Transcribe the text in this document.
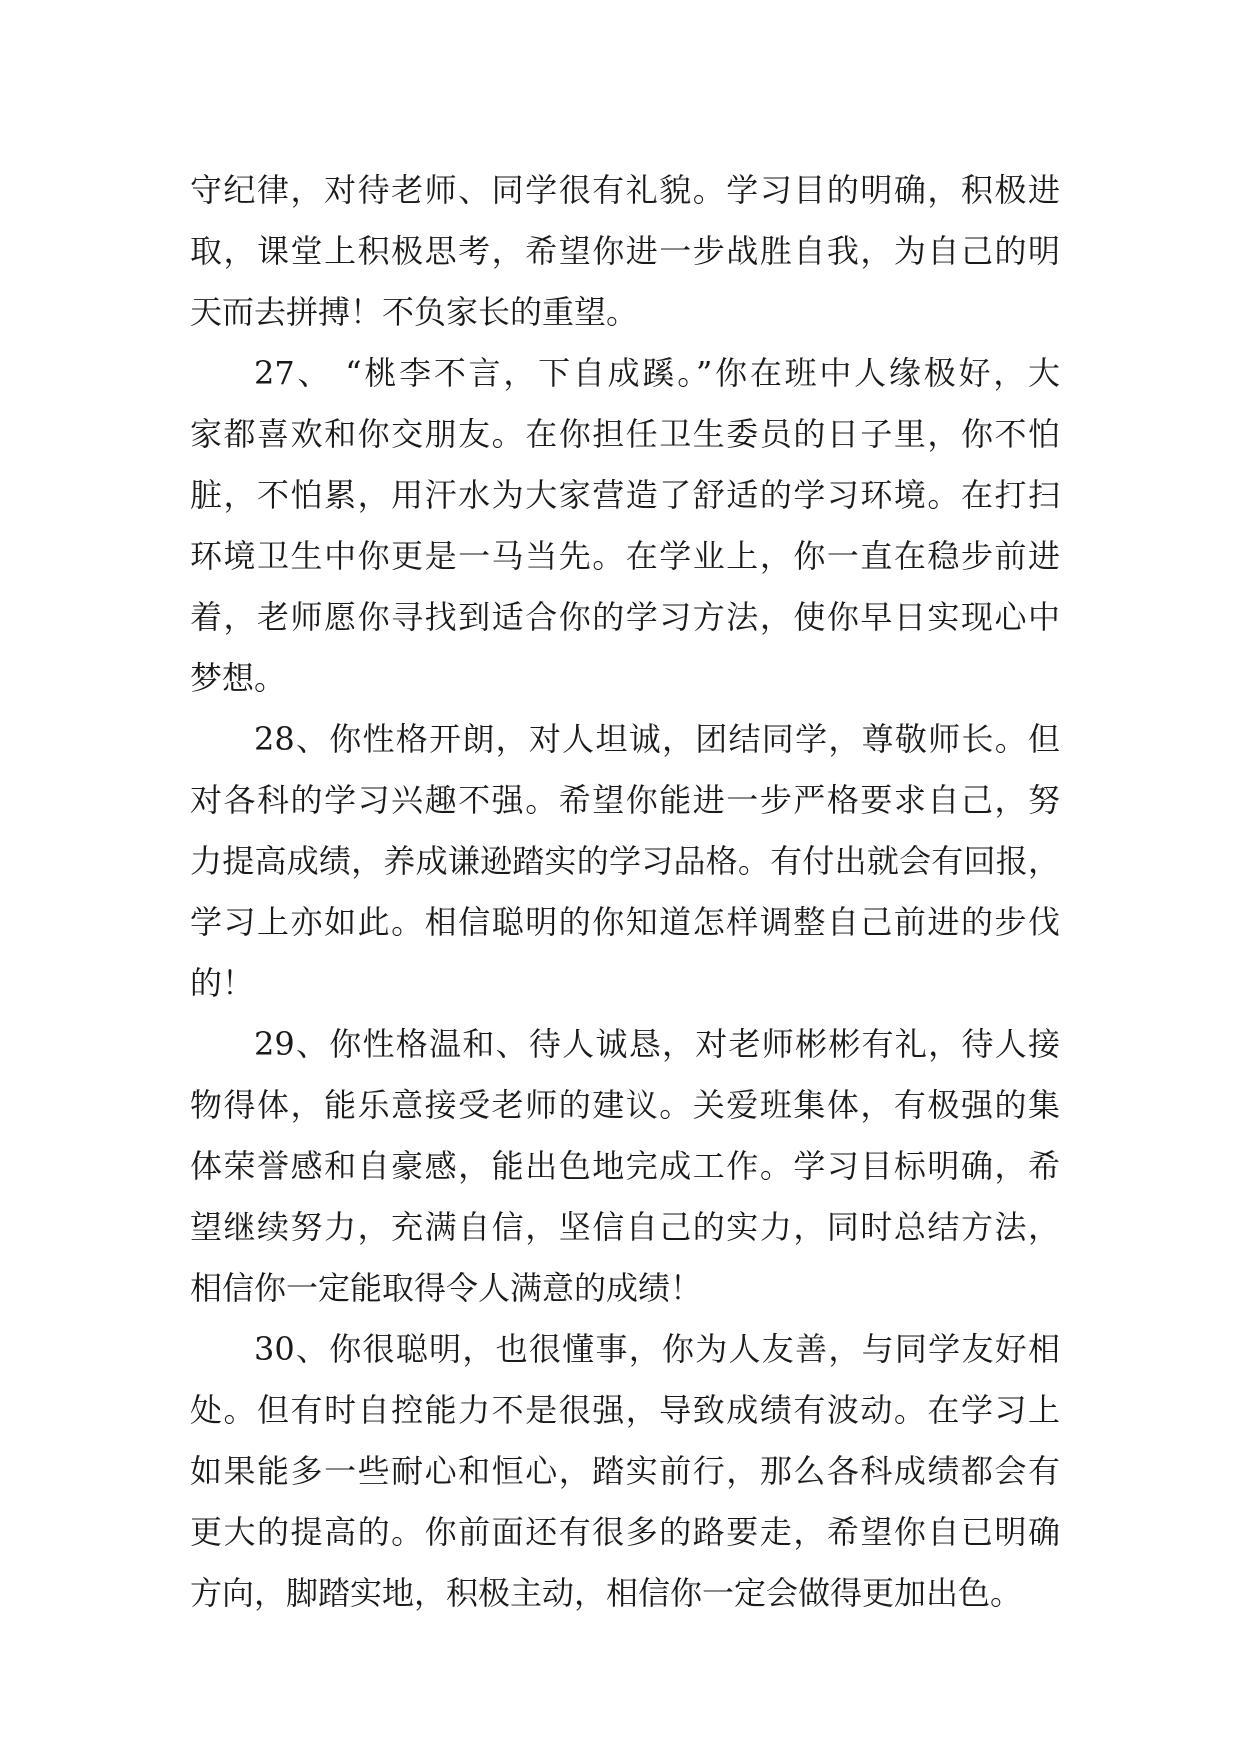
守纪律，对待老师、同学很有礼貌。学习目的明确，积极进
取，课堂上积极思考，希望你进一步战胜自我，为自己的明
天而去拼搏！不负家长的重望。
27、 “桃李不言，下自成蹊。”你在班中人缘极好，大
家都喜欢和你交朋友。在你担任卫生委员的日子里，你不怕
脏，不怕累，用汗水为大家营造了舒适的学习环境。在打扫
环境卫生中你更是一马当先。在学业上，你一直在稳步前进
着，老师愿你寻找到适合你的学习方法，使你早日实现心中
梦想。
28、你性格开朗，对人坦诚，团结同学，尊敬师长。但
对各科的学习兴趣不强。希望你能进一步严格要求自己，努
力提高成绩，养成谦逊踏实的学习品格。有付出就会有回报，
学习上亦如此。相信聪明的你知道怎样调整自己前进的步伐
的！
29、你性格温和、待人诚恳，对老师彬彬有礼，待人接
物得体，能乐意接受老师的建议。关爱班集体，有极强的集
体荣誉感和自豪感，能出色地完成工作。学习目标明确，希
望继续努力，充满自信，坚信自己的实力，同时总结方法，
相信你一定能取得令人满意的成绩！
30、你很聪明，也很懂事，你为人友善，与同学友好相
处。但有时自控能力不是很强，导致成绩有波动。在学习上
如果能多一些耐心和恒心，踏实前行，那么各科成绩都会有
更大的提高的。你前面还有很多的路要走，希望你自已明确
方向，脚踏实地，积极主动，相信你一定会做得更加出色。
